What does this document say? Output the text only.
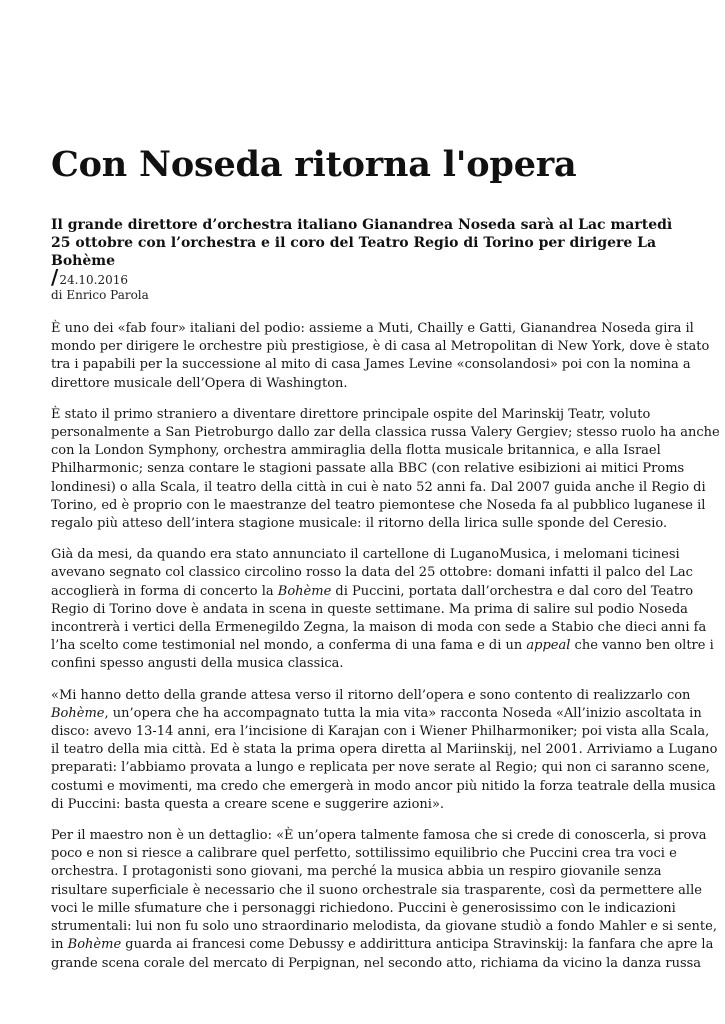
Con Noseda ritorna l'opera

Il grande direttore d’orchestra italiano Gianandrea Noseda sarà al Lac martedì 25 ottobre con l’orchestra e il coro del Teatro Regio di Torino per dirigere La Bohème

/24.10.2016
di Enrico Parola

È uno dei «fab four» italiani del podio: assieme a Muti, Chailly e Gatti, Gianandrea Noseda gira il
mondo per dirigere le orchestre più prestigiose, è di casa al Metropolitan di New York, dove è stato
tra i papabili per la successione al mito di casa James Levine «consolandosi» poi con la nomina a
direttore musicale dell’Opera di Washington.

È stato il primo straniero a diventare direttore principale ospite del Marinskij Teatr, voluto
personalmente a San Pietroburgo dallo zar della classica russa Valery Gergiev; stesso ruolo ha anche
con la London Symphony, orchestra ammiraglia della flotta musicale britannica, e alla Israel
Philharmonic; senza contare le stagioni passate alla BBC (con relative esibizioni ai mitici Proms
londinesi) o alla Scala, il teatro della città in cui è nato 52 anni fa. Dal 2007 guida anche il Regio di
Torino, ed è proprio con le maestranze del teatro piemontese che Noseda fa al pubblico luganese il
regalo più atteso dell’intera stagione musicale: il ritorno della lirica sulle sponde del Ceresio.

Già da mesi, da quando era stato annunciato il cartellone di LuganoMusica, i melomani ticinesi
avevano segnato col classico circolino rosso la data del 25 ottobre: domani infatti il palco del Lac
accoglierà in forma di concerto la Bohème di Puccini, portata dall’orchestra e dal coro del Teatro
Regio di Torino dove è andata in scena in queste settimane. Ma prima di salire sul podio Noseda
incontrerà i vertici della Ermenegildo Zegna, la maison di moda con sede a Stabio che dieci anni fa
l’ha scelto come testimonial nel mondo, a conferma di una fama e di un appeal che vanno ben oltre i
confini spesso angusti della musica classica.

«Mi hanno detto della grande attesa verso il ritorno dell’opera e sono contento di realizzarlo con
Bohème, un’opera che ha accompagnato tutta la mia vita» racconta Noseda «All’inizio ascoltata in
disco: avevo 13-14 anni, era l’incisione di Karajan con i Wiener Philharmoniker; poi vista alla Scala,
il teatro della mia città. Ed è stata la prima opera diretta al Mariinskij, nel 2001. Arriviamo a Lugano
preparati: l’abbiamo provata a lungo e replicata per nove serate al Regio; qui non ci saranno scene,
costumi e movimenti, ma credo che emergerà in modo ancor più nitido la forza teatrale della musica
di Puccini: basta questa a creare scene e suggerire azioni».

Per il maestro non è un dettaglio: «È un’opera talmente famosa che si crede di conoscerla, si prova
poco e non si riesce a calibrare quel perfetto, sottilissimo equilibrio che Puccini crea tra voci e
orchestra. I protagonisti sono giovani, ma perché la musica abbia un respiro giovanile senza
risultare superficiale è necessario che il suono orchestrale sia trasparente, così da permettere alle
voci le mille sfumature che i personaggi richiedono. Puccini è generosissimo con le indicazioni
strumentali: lui non fu solo uno straordinario melodista, da giovane studiò a fondo Mahler e si sente,
in Bohème guarda ai francesi come Debussy e addirittura anticipa Stravinskij: la fanfara che apre la
grande scena corale del mercato di Perpignan, nel secondo atto, richiama da vicino la danza russa
